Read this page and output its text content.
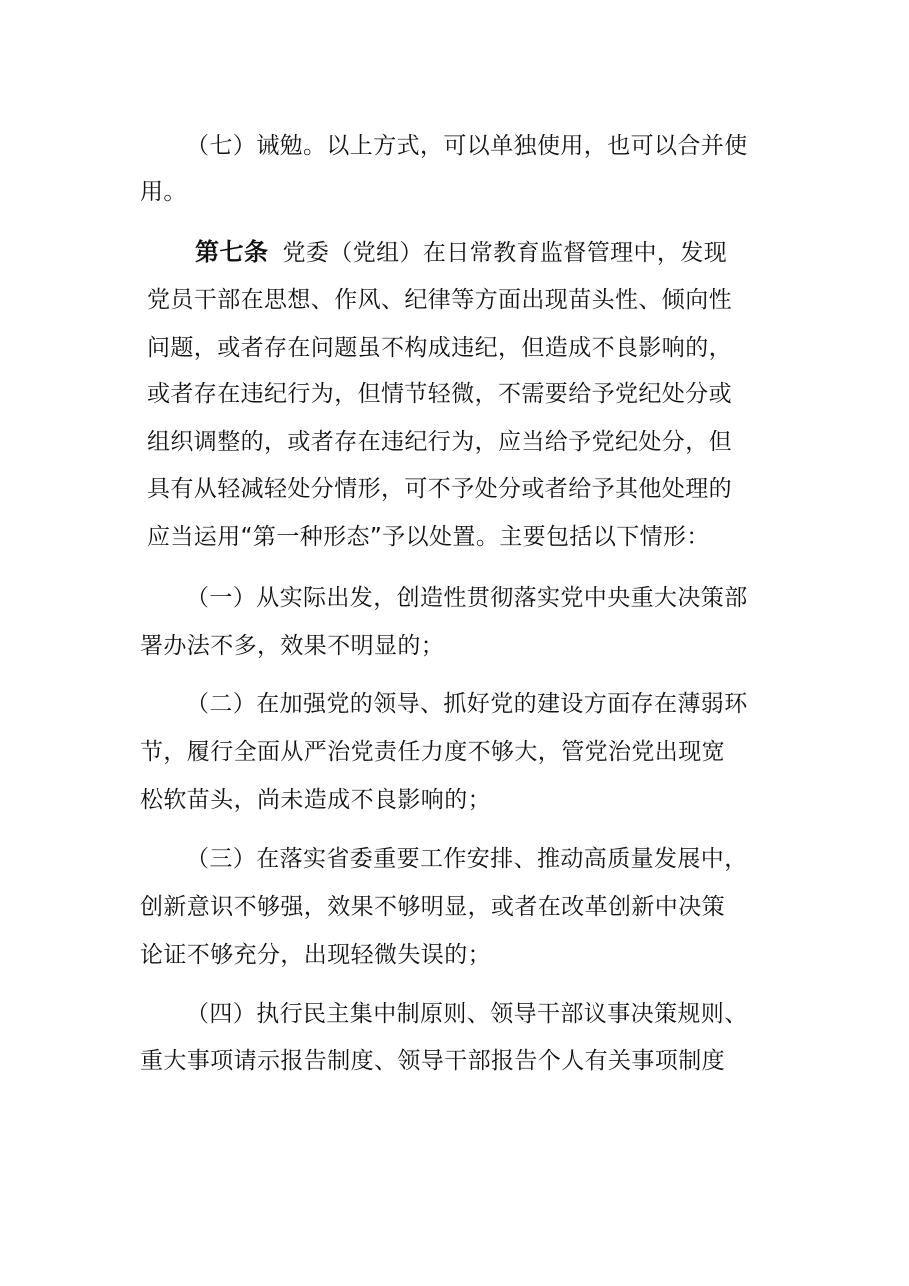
（七）诫勉。以上方式，可以单独使用，也可以合并使
用。
第七条 党委（党组）在日常教育监督管理中，发现
党员干部在思想、作风、纪律等方面出现苗头性、倾向性
问题，或者存在问题虽不构成违纪，但造成不良影响的，
或者存在违纪行为，但情节轻微，不需要给予党纪处分或
组织调整的，或者存在违纪行为，应当给予党纪处分，但
具有从轻减轻处分情形，可不予处分或者给予其他处理的
应当运用“第一种形态”予以处置。主要包括以下情形：
（一）从实际出发，创造性贯彻落实党中央重大决策部
署办法不多，效果不明显的；
（二）在加强党的领导、抓好党的建设方面存在薄弱环
节，履行全面从严治党责任力度不够大，管党治党出现宽
松软苗头，尚未造成不良影响的；
（三）在落实省委重要工作安排、推动高质量发展中，
创新意识不够强，效果不够明显，或者在改革创新中决策
论证不够充分，出现轻微失误的；
（四）执行民主集中制原则、领导干部议事决策规则、
重大事项请示报告制度、领导干部报告个人有关事项制度
